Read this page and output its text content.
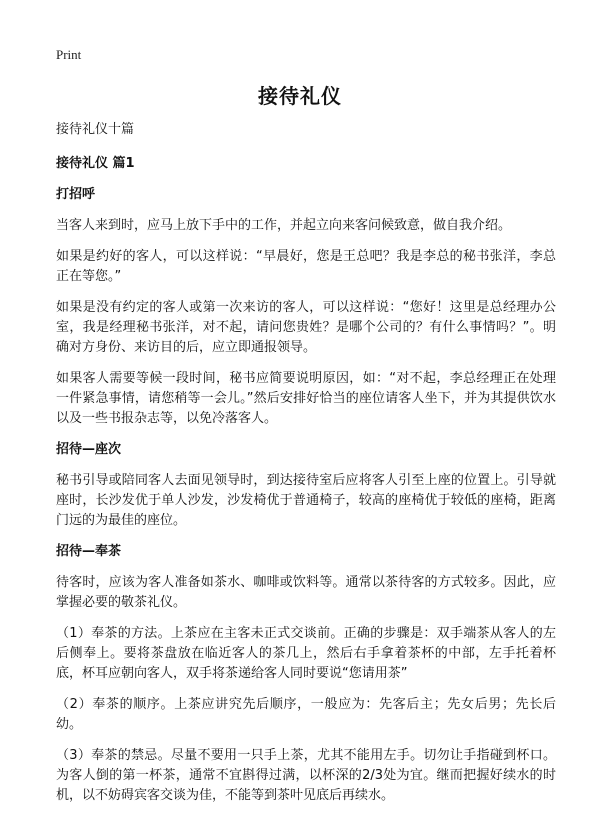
Print
接待礼仪

接待礼仪十篇

接待礼仪 篇1

打招呼

当客人来到时，应马上放下手中的工作，并起立向来客问候致意，做自我介绍。

如果是约好的客人，可以这样说：“早晨好，您是王总吧？我是李总的秘书张洋，李总正在等您。”

如果是没有约定的客人或第一次来访的客人，可以这样说：“您好！这里是总经理办公室，我是经理秘书张洋，对不起，请问您贵姓？是哪个公司的？有什么事情吗？”。明确对方身份、来访目的后，应立即通报领导。

如果客人需要等候一段时间，秘书应简要说明原因，如：“对不起，李总经理正在处理一件紧急事情，请您稍等一会儿。”然后安排好恰当的座位请客人坐下，并为其提供饮水以及一些书报杂志等，以免冷落客人。

招待—座次

秘书引导或陪同客人去面见领导时，到达接待室后应将客人引至上座的位置上。引导就座时，长沙发优于单人沙发，沙发椅优于普通椅子，较高的座椅优于较低的座椅，距离门远的为最佳的座位。

招待—奉茶

待客时，应该为客人准备如茶水、咖啡或饮料等。通常以茶待客的方式较多。因此，应掌握必要的敬茶礼仪。

（1）奉茶的方法。上茶应在主客未正式交谈前。正确的步骤是：双手端茶从客人的左后侧奉上。要将茶盘放在临近客人的茶几上，然后右手拿着茶杯的中部，左手托着杯底，杯耳应朝向客人，双手将茶递给客人同时要说“您请用茶”

（2）奉茶的顺序。上茶应讲究先后顺序，一般应为：先客后主；先女后男；先长后幼。

（3）奉茶的禁忌。尽量不要用一只手上茶，尤其不能用左手。切勿让手指碰到杯口。为客人倒的第一杯茶，通常不宜斟得过满，以杯深的2/3处为宜。继而把握好续水的时机，以不妨碍宾客交谈为佳，不能等到茶叶见底后再续水。
